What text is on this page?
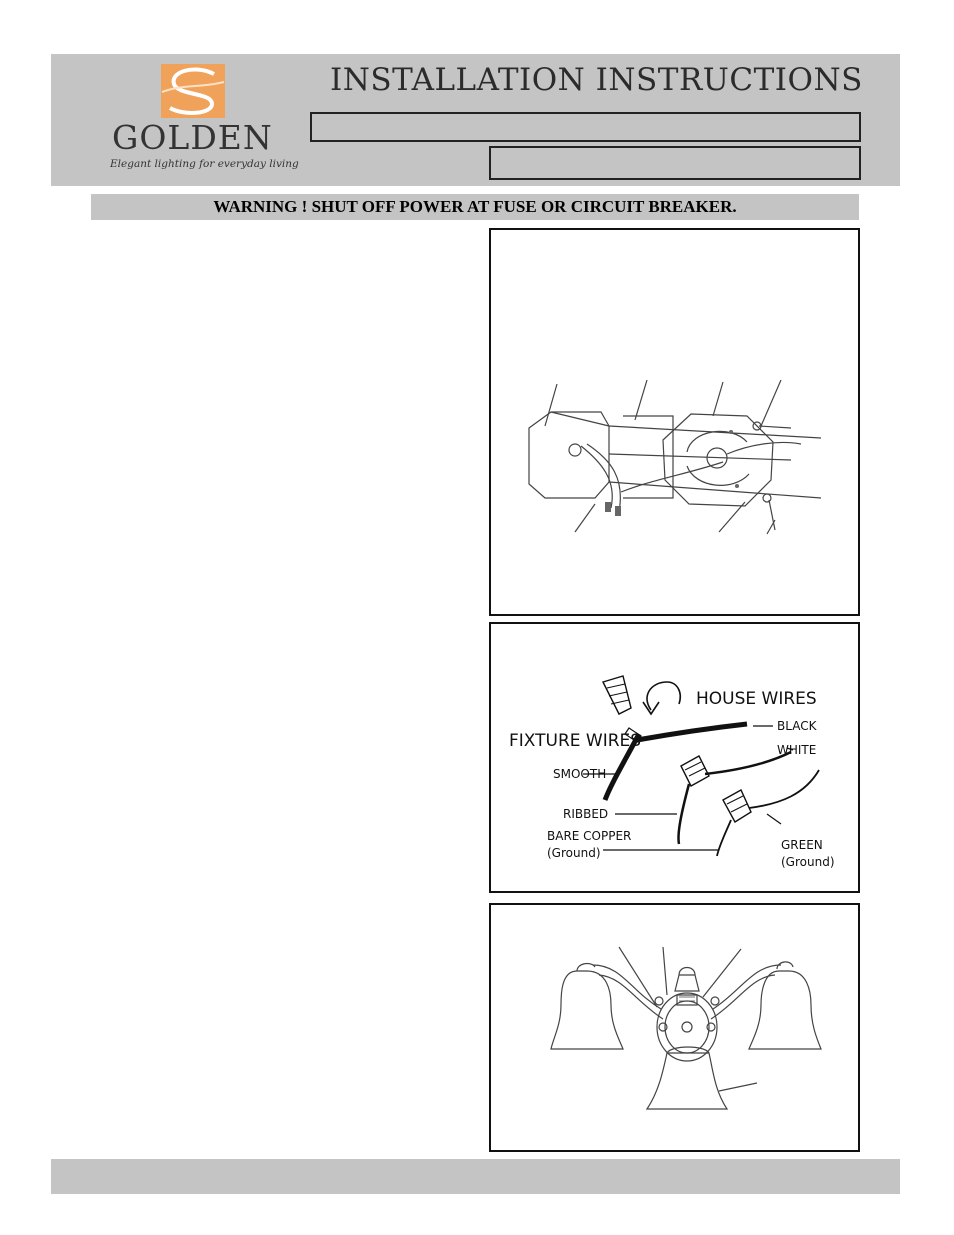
GOLDEN
Elegant lighting for everyday living
INSTALLATION INSTRUCTIONS
WARNING ! SHUT OFF POWER AT FUSE OR CIRCUIT BREAKER.
HOUSE WIRES
FIXTURE WIRES
BLACK
WHITE
SMOOTH
RIBBED
BARE COPPER
(Ground)
GREEN
(Ground)
